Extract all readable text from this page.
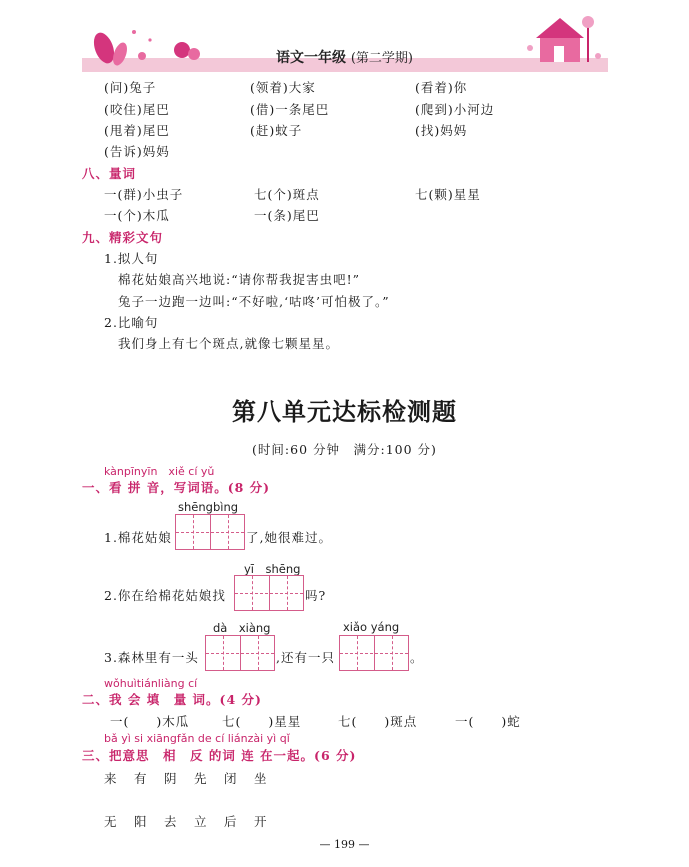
语文一年级 (第二学期)
(问)兔子	(领着)大家	(看着)你
(咬住)尾巴	(借)一条尾巴	(爬到)小河边
(甩着)尾巴	(赶)蚊子	(找)妈妈
(告诉)妈妈
八、量词
一(群)小虫子	七(个)斑点	七(颗)星星
一(个)木瓜	一(条)尾巴
九、精彩文句
1.拟人句
棉花姑娘高兴地说:“请你帮我捉害虫吧!”
兔子一边跑一边叫:“不好啦,‘咕咚’可怕极了。”
2.比喻句
我们身上有七个斑点,就像七颗星星。
第八单元达标检测题
(时间:60 分钟　满分:100 分)
kànpīnyīn　xiě cí yǔ
一、看 拼 音，写词语。(8 分)
shēngbìng
1.棉花姑娘	了,她很难过。
yī　shēng
2.你在给棉花姑娘找	吗?
dà　xiàng	xiǎo yáng
3.森林里有一头	,还有一只	。
wǒhuìtiánliàng cí
二、我 会 填　量 词。(4 分)
一(　　)木瓜	七(　　)星星	七(　　)斑点	一(　　)蛇
bǎ yì si xiāngfǎn de cí liánzài yì qǐ
三、把意思　相　反 的词 连 在一起。(6 分)
来 有 阴 先 闭 坐
无 阳 去 立 后 开
— 199 —
